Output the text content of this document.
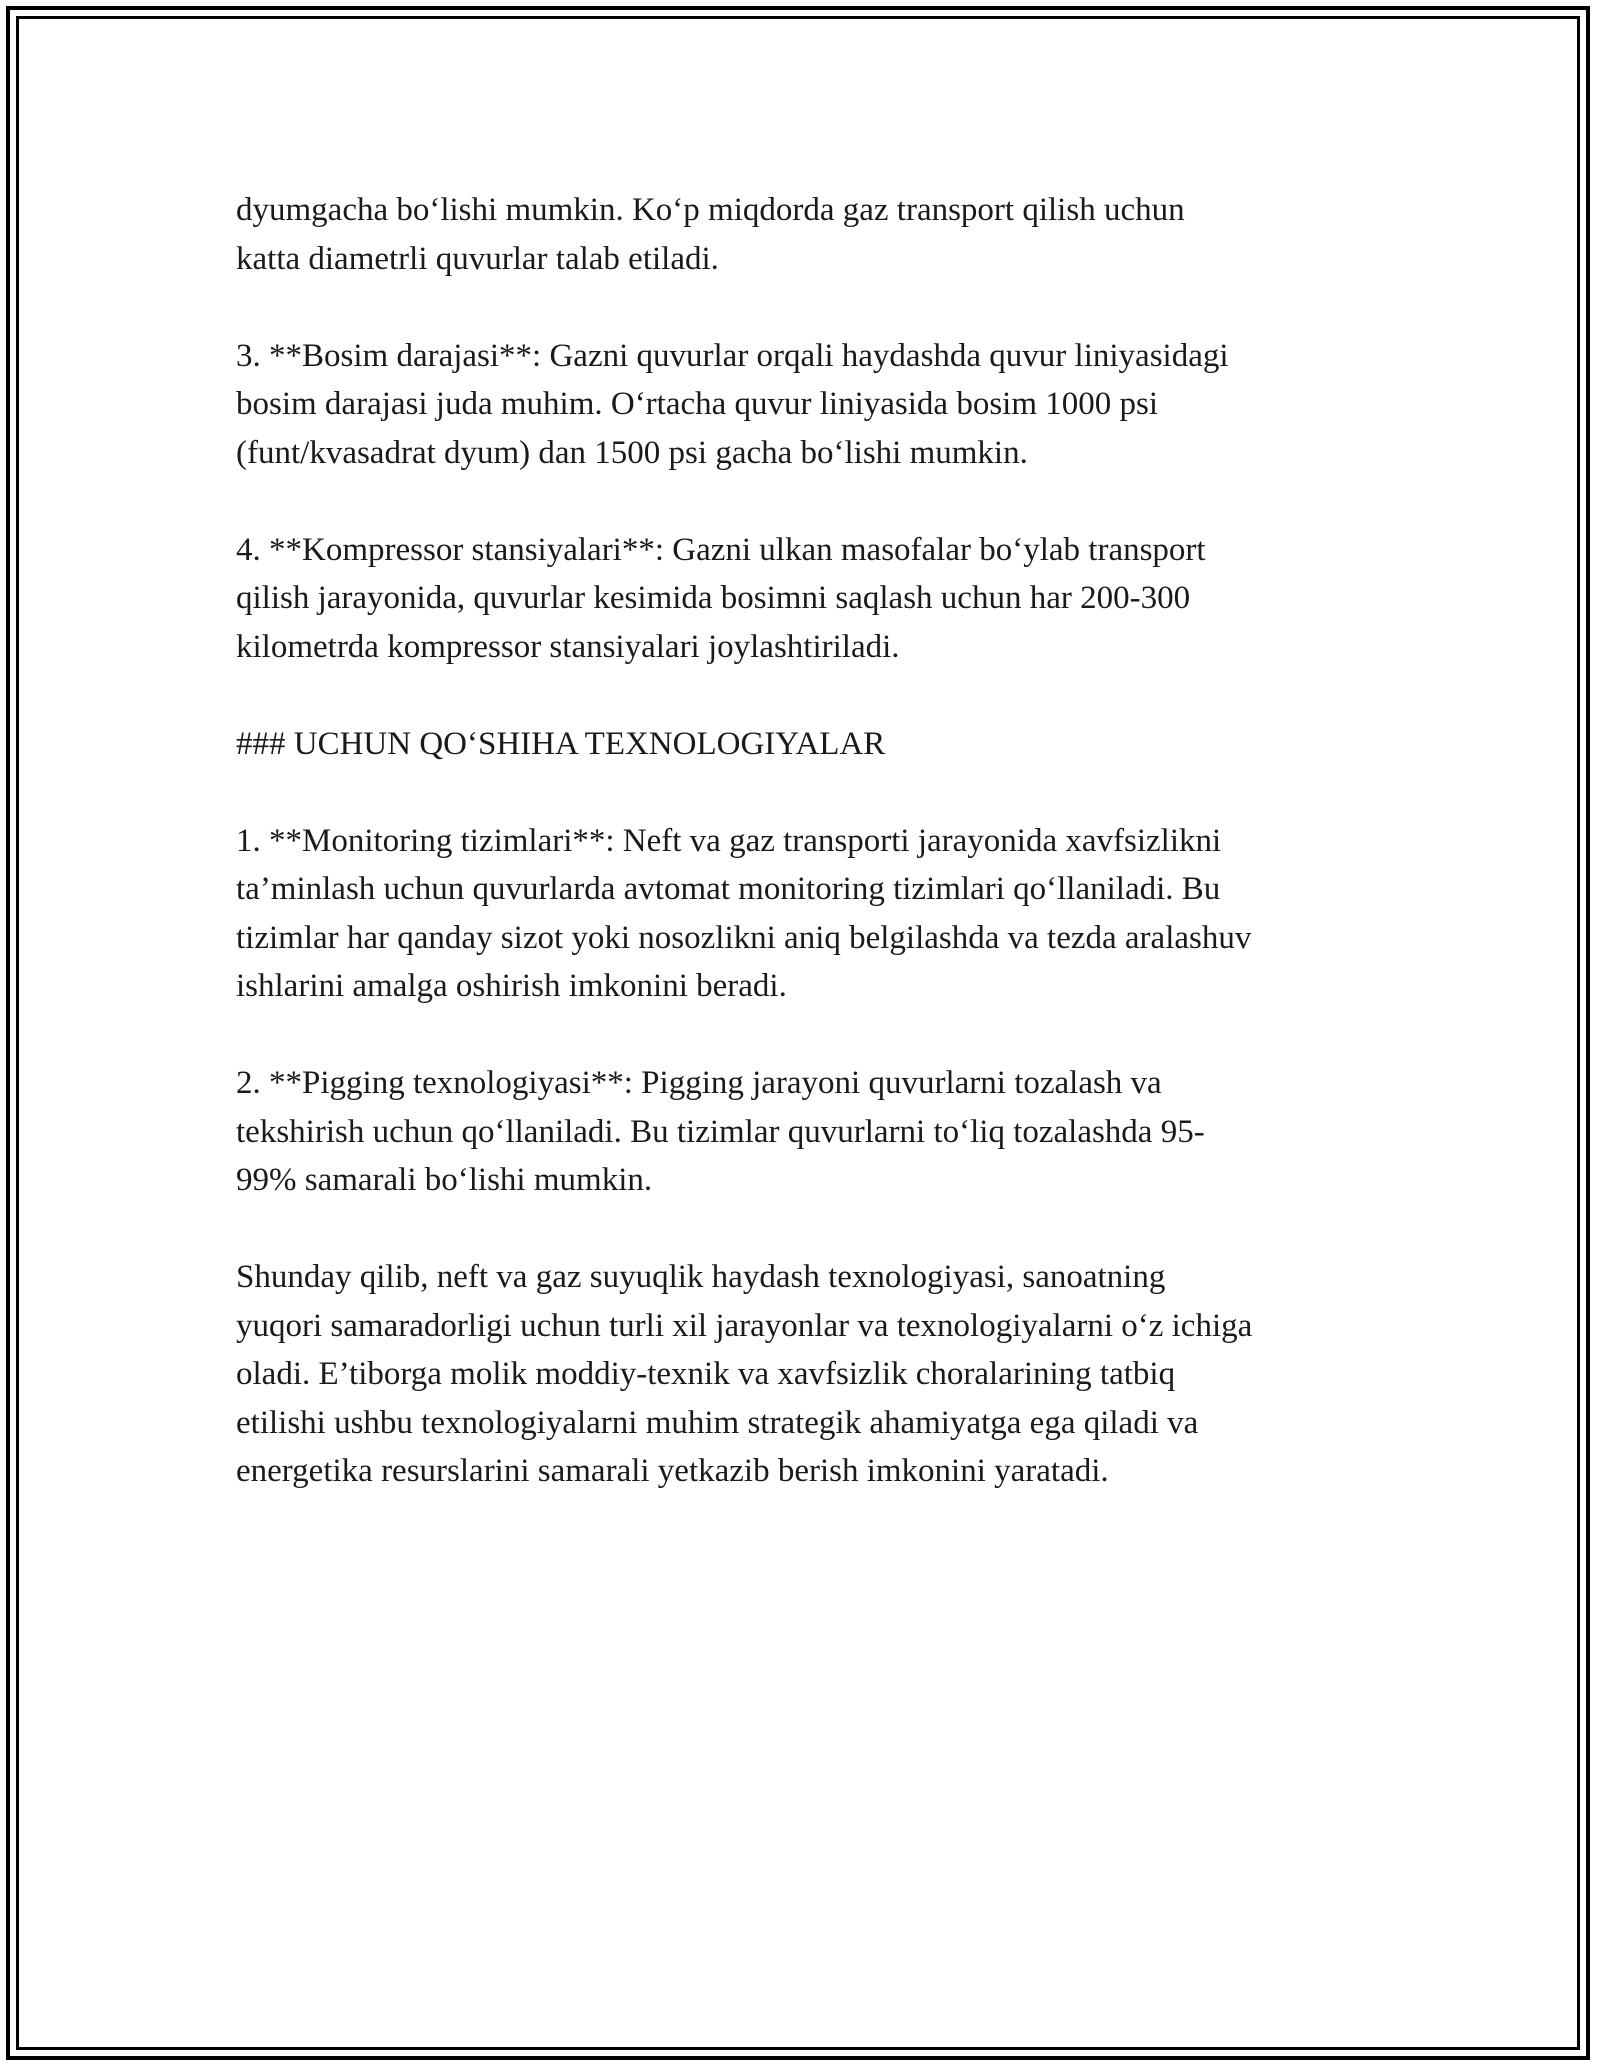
dyumgacha bo‘lishi mumkin. Ko‘p miqdorda gaz transport qilish uchun
katta diametrli quvurlar talab etiladi.

3. **Bosim darajasi**: Gazni quvurlar orqali haydashda quvur liniyasidagi
bosim darajasi juda muhim. O‘rtacha quvur liniyasida bosim 1000 psi
(funt/kvasadrat dyum) dan 1500 psi gacha bo‘lishi mumkin.

4. **Kompressor stansiyalari**: Gazni ulkan masofalar bo‘ylab transport
qilish jarayonida, quvurlar kesimida bosimni saqlash uchun har 200-300
kilometrda kompressor stansiyalari joylashtiriladi.

### UCHUN QO‘SHIHA TEXNOLOGIYALAR

1. **Monitoring tizimlari**: Neft va gaz transporti jarayonida xavfsizlikni
ta’minlash uchun quvurlarda avtomat monitoring tizimlari qo‘llaniladi. Bu
tizimlar har qanday sizot yoki nosozlikni aniq belgilashda va tezda aralashuv
ishlarini amalga oshirish imkonini beradi.

2. **Pigging texnologiyasi**: Pigging jarayoni quvurlarni tozalash va
tekshirish uchun qo‘llaniladi. Bu tizimlar quvurlarni to‘liq tozalashda 95-
99% samarali bo‘lishi mumkin.

Shunday qilib, neft va gaz suyuqlik haydash texnologiyasi, sanoatning
yuqori samaradorligi uchun turli xil jarayonlar va texnologiyalarni o‘z ichiga
oladi. E’tiborga molik moddiy-texnik va xavfsizlik choralarining tatbiq
etilishi ushbu texnologiyalarni muhim strategik ahamiyatga ega qiladi va
energetika resurslarini samarali yetkazib berish imkonini yaratadi.
